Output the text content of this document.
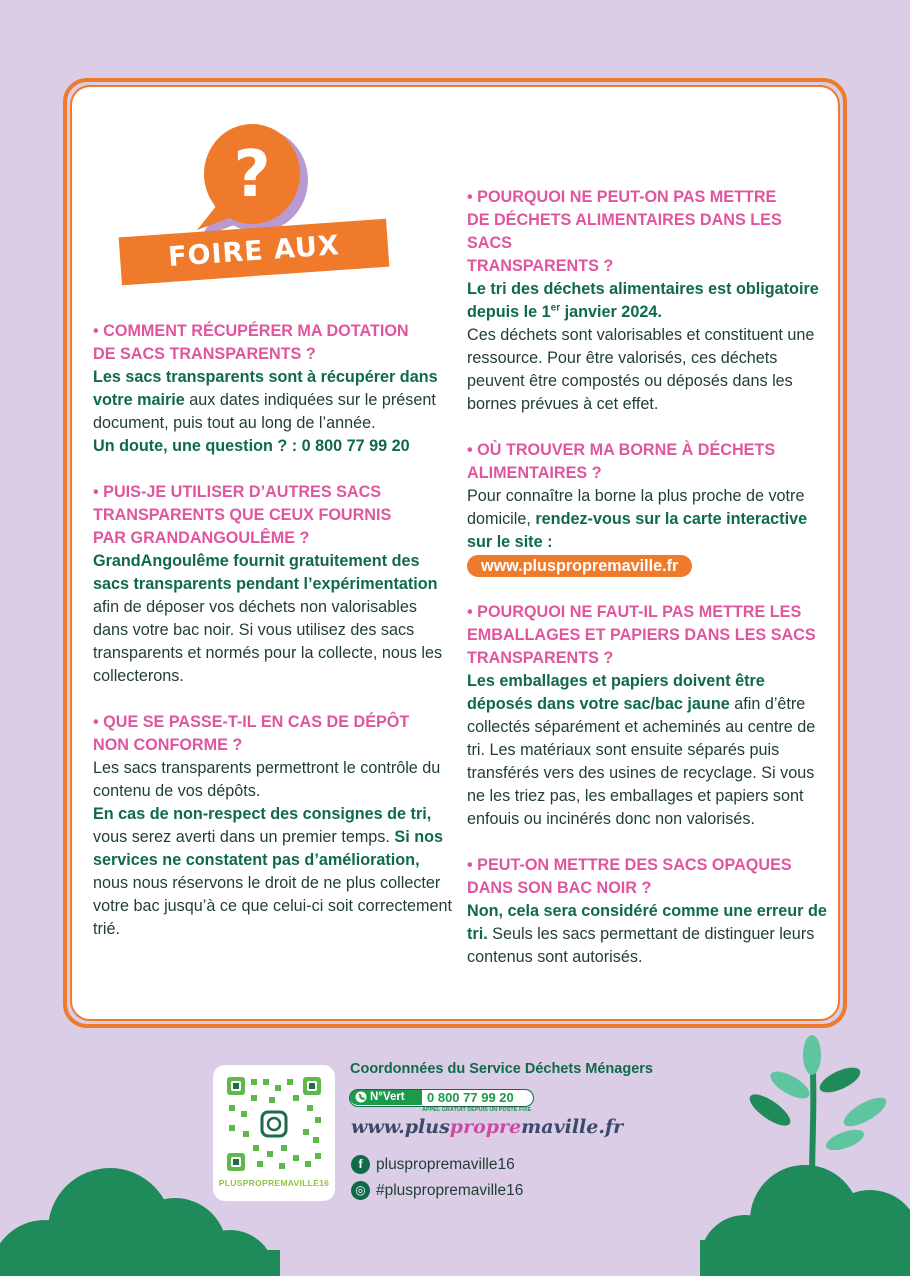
?
FOIRE AUX QUESTIONS

• COMMENT RÉCUPÉRER MA DOTATION
DE SACS TRANSPARENTS ?

Les sacs transparents sont à récupérer dans votre mairie aux dates indiquées sur le présent document, puis tout au long de l’année.
Un doute, une question ? : 0 800 77 99 20

• PUIS-JE UTILISER D’AUTRES SACS
TRANSPARENTS QUE CEUX FOURNIS
PAR GRANDANGOULÊME ?

GrandAngoulême fournit gratuitement des sacs transparents pendant l’expérimentation afin de déposer vos déchets non valorisables dans votre bac noir. Si vous utilisez des sacs transparents et normés pour la collecte, nous les collecterons.

• QUE SE PASSE-T-IL EN CAS DE DÉPÔT
NON CONFORME ?

Les sacs transparents permettront le contrôle du contenu de vos dépôts.
En cas de non-respect des consignes de tri, vous serez averti dans un premier temps. Si nos services ne constatent pas d’amélioration, nous nous réservons le droit de ne plus collecter votre bac jusqu’à ce que celui-ci soit correctement trié.

• POURQUOI NE PEUT-ON PAS METTRE
DE DÉCHETS ALIMENTAIRES DANS LES SACS
TRANSPARENTS ?

Le tri des déchets alimentaires est obligatoire depuis le 1er janvier 2024.
Ces déchets sont valorisables et constituent une ressource. Pour être valorisés, ces déchets peuvent être compostés ou déposés dans les bornes prévues à cet effet.

• OÙ TROUVER MA BORNE À DÉCHETS
ALIMENTAIRES ?

Pour connaître la borne la plus proche de votre domicile, rendez-vous sur la carte interactive sur le site :
www.pluspropremaville.fr

• POURQUOI NE FAUT-IL PAS METTRE LES
EMBALLAGES ET PAPIERS DANS LES SACS
TRANSPARENTS ?

Les emballages et papiers doivent être déposés dans votre sac/bac jaune afin d’être collectés séparément et acheminés au centre de tri. Les matériaux sont ensuite séparés puis transférés vers des usines de recyclage. Si vous ne les triez pas, les emballages et papiers sont enfouis ou incinérés donc non valorisés.

• PEUT-ON METTRE DES SACS OPAQUES
DANS SON BAC NOIR ?

Non, cela sera considéré comme une erreur de tri. Seuls les sacs permettant de distinguer leurs contenus sont autorisés.

PLUSPROPREMAVILLE16
Coordonnées du Service Déchets Ménagers
N°Vert	0 800 77 99 20
APPEL GRATUIT DEPUIS UN POSTE FIXE
www.pluspropremaville.fr
f pluspropremaville16
◎ #pluspropremaville16
